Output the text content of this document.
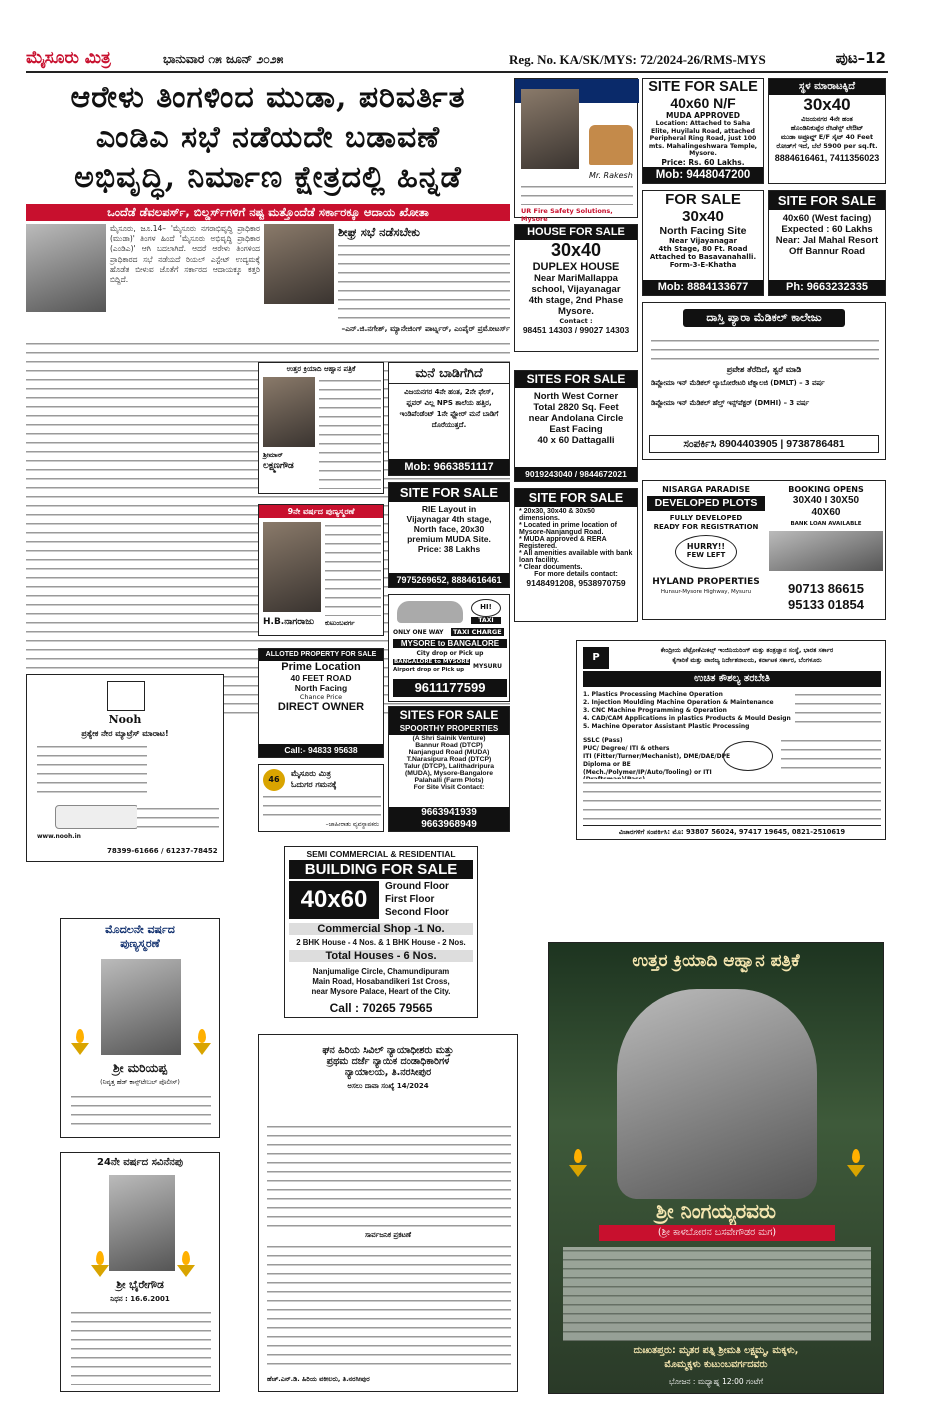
ಮೈಸೂರು ಮಿತ್ರ	ಭಾನುವಾರ ೧೫ ಜೂನ್ ೨೦೨೫	Reg. No. KA/SK/MYS: 72/2024-26/RMS-MYS	ಪುಟ–12
ಆರೇಳು ತಿಂಗಳಿಂದ ಮುಡಾ, ಪರಿವರ್ತಿತ
ಎಂಡಿಎ ಸಭೆ ನಡೆಯದೇ ಬಡಾವಣೆ
ಅಭಿವೃದ್ಧಿ, ನಿರ್ಮಾಣ ಕ್ಷೇತ್ರದಲ್ಲಿ ಹಿನ್ನಡೆ
ಒಂದೆಡೆ ಡೆವಲಪರ್ಸ್, ಬಿಲ್ಡರ್ಸ್‌ಗಳಿಗೆ ನಷ್ಟ ಮತ್ತೊಂದೆಡೆ ಸರ್ಕಾರಕ್ಕೂ ಆದಾಯ ಖೋತಾ
ಮೈಸೂರು, ಜೂ.14– 'ಮೈಸೂರು ನಗರಾಭಿವೃದ್ಧಿ ಪ್ರಾಧಿಕಾರ (ಮುಡಾ)' ತಿಂಗಳ ಹಿಂದೆ 'ಮೈಸೂರು ಅಭಿವೃದ್ಧಿ ಪ್ರಾಧಿಕಾರ (ಎಂಡಿಎ)' ಆಗಿ ಬದಲಾಗಿದೆ. ಆದರೆ ಆರೇಳು ತಿಂಗಳಿಂದ ಪ್ರಾಧಿಕಾರದ ಸಭೆ ನಡೆಯದೆ ರಿಯಲ್ ಎಸ್ಟೇಟ್ ಉದ್ಯಮಕ್ಕೆ ಹೊಡೆತ ಬೀಳುವ ಜೊತೆಗೆ ಸರ್ಕಾರದ ಆದಾಯಕ್ಕೂ ಕತ್ತರಿ ಬಿದ್ದಿದೆ.
ಶೀಘ್ರ ಸಭೆ ನಡೆಸಬೇಕು
–ಎನ್.ಜಿ.ನಗೇಶ್, ಮ್ಯಾನೇಜಿಂಗ್ ಪಾರ್ಟ್ನರ್, ಎಂಪೈರ್ ಪ್ರಮೋಟರ್ಸ್
Mr. Rakesh
UR Fire Safety Solutions, Mysore
SITE FOR SALE
40x60 N/F
MUDA APPROVED
Location: Attached to Saha Elite, Huyilalu Road, attached Peripheral Ring Road, just 100 mts. Mahalingeshwara Temple, Mysore.
Price: Rs. 60 Lakhs.
Mob: 9448047200
ಸ್ಥಳ ಮಾರಾಟಕ್ಕಿದೆ
30x40
ವಿಜಯನಗರ 4ನೇ ಹಂತ
ಹೊಂಡಿನಿಕುಪ್ಪೆರ ರೆಸಿಡೆನ್ಸ್ ಲೇಔಟ್
ಮುಡಾ ಅಪ್ರೂವ್ಡ್ E/F ಸೈಟ್ 40 Feet
ರೋಡ್‌ಗೆ ಇದೆ, ಬೆಲೆ 5900 per sq.ft.
8884616461, 7411356023
FOR SALE
30x40
North Facing Site
Near Vijayanagar
4th Stage, 80 Ft. Road
Attached to Basavanahalli.
Form-3-E-Khatha
Mob: 8884133677
SITE FOR SALE
40x60 (West facing)
Expected : 60 Lakhs
Near: Jal Mahal Resort
Off Bannur Road
Ph: 9663232335
HOUSE FOR SALE
30x40
DUPLEX HOUSE
Near MariMallappa
school, Vijayanagar
4th stage, 2nd Phase
Mysore.
Contact :
98451 14303 / 99027 14303
ದಾಸ್ತಿ ಪ್ಯಾರಾ ಮೆಡಿಕಲ್ ಕಾಲೇಜು
ಪ್ರವೇಶ ತೆರೆದಿದೆ, ತ್ವರೆ ಮಾಡಿ
ಡಿಪ್ಲೋಮಾ ಇನ್ ಮೆಡಿಕಲ್ ಲ್ಯಾಬೋರೇಟರಿ ಟೆಕ್ನಾಲಜಿ (DMLT) – 3 ವರ್ಷ
ಡಿಪ್ಲೋಮಾ ಇನ್ ಮೆಡಿಕಲ್ ಹೆಲ್ತ್ ಇನ್ಸ್‌ಪೆಕ್ಟರ್ (DMHI) – 3 ವರ್ಷ
ಸಂಪರ್ಕಿಸಿ 8904403905 | 9738786481
ಉತ್ತರ ಕ್ರಿಯಾದಿ ಆಹ್ವಾನ ಪತ್ರಿಕೆ
ಶ್ರೀಮಾನ್
ಲಕ್ಷ್ಮಣಗೌಡ
ಮನೆ ಬಾಡಿಗೆಗಿದೆ
ವಿಜಯನಗರ 4ನೇ ಹಂತ, 2ನೇ ಫೇಸ್,
ಫ್ಲವರ್ ವಿಲ್ಲ NPS ಶಾಲೆಯ ಹತ್ತಿರ,
ಇಂಡಿಪೆಂಡೆಂಟ್ 1ನೇ ಫ್ಲೋರ್ ಮನೆ ಬಾಡಿಗೆ ದೊರೆಯುತ್ತದೆ.
Mob: 9663851117
SITES FOR SALE
North West Corner
Total 2820 Sq. Feet
near Andolana Circle
East Facing
40 x 60 Dattagalli
9019243040 / 9844672021
NISARGA PARADISE
DEVELOPED PLOTS
FULLY DEVELOPED
READY FOR REGISTRATION
HURRY!!
FEW LEFT
HYLAND PROPERTIES
Hunsur-Mysore Highway, Mysuru
BOOKING OPENS
30X40 I 30X50
40X60
BANK LOAN AVAILABLE
90713 86615
95133 01854
SITE FOR SALE
RIE Layout in
Vijaynagar 4th stage,
North face, 20x30
premium MUDA Site.
Price: 38 Lakhs
7975269652, 8884616461
SITE FOR SALE
* 20x30, 30x40 & 30x50 dimensions.
* Located in prime location of Mysore-Nanjangud Road.
* MUDA approved & RERA Registered.
* All amenities available with bank loan facility.
* Clear documents.
For more details contact:
9148491208, 9538970759
9ನೇ ವರ್ಷದ ಪುಣ್ಯಸ್ಮರಣೆ
H.B.ನಾಗರಾಜು ಕುಟುಂಬವರ್ಗ
HI!
TAXI
ONLY ONE WAY	TAXI CHARGE
MYSORE to BANGALORE
City drop or Pick up
BANGALORE to MYSORE
MYSURU
Airport drop or Pick up
9611177599
P
ಕೇಂದ್ರೀಯ ಪೆಟ್ರೋಕೆಮಿಕಲ್ಸ್ ಇಂಜಿನಿಯರಿಂಗ್ ಮತ್ತು ತಂತ್ರಜ್ಞಾನ ಸಂಸ್ಥೆ, ಭಾರತ ಸರ್ಕಾರ
ಕೈಗಾರಿಕೆ ಮತ್ತು ವಾಣಿಜ್ಯ ನಿರ್ದೇಶನಾಲಯ, ಕರ್ನಾಟಕ ಸರ್ಕಾರ, ಬೆಂಗಳೂರು
ಉಚಿತ ಕೌಶಲ್ಯ ತರಬೇತಿ
1. Plastics Processing Machine Operation
2. Injection Moulding Machine Operation & Maintenance
3. CNC Machine Programming & Operation
4. CAD/CAM Applications in plastics Products & Mould Design
5. Machine Operator Assistant Plastic Processing
SSLC (Pass)
PUC/ Degree/ ITI & others
ITI (Fitter/Turner/Mechanist), DME/DAE/DPE
Diploma or BE (Mech./Polymer/IP/Auto/Tooling) or ITI
ವಿಚಾರಗಳಿಗೆ ಸಂಪರ್ಕಿಸಿ: ಮೊ: 93807 56024, 97417 19645, 0821-2510619
Nooh
ಪ್ರತ್ಯೇಕ ನೇರ ಮ್ಯಾಟ್ರೆಸ್ ಮಾರಾಟ!
www.nooh.in
78399-61666 / 61237-78452
ALLOTED PROPERTY FOR SALE
Prime Location
40 FEET ROAD
North Facing
Chance Price
DIRECT OWNER
Call:- 94833 95638
SITES FOR SALE
SPOORTHY PROPERTIES
(A Shri Sainik Venture)
Bannur Road (DTCP)
Nanjangud Road (MUDA)
T.Narasipura Road (DTCP)
Talur (DTCP), Lalithadripura
(MUDA), Mysore-Bangalore
Palahalli (Farm Plots)
For Site Visit Contact:
9663941939
9663968949
46
ಮೈಸೂರು ಮಿತ್ರ
ಓದುಗರ ಗಮನಕ್ಕೆ
–ಜಾಹೀರಾತು ವ್ಯವಸ್ಥಾಪಕರು
SEMI COMMERCIAL & RESIDENTIAL
BUILDING FOR SALE
40x60	Ground Floor
First Floor
Second Floor
Commercial Shop -1 No.
2 BHK House - 4 Nos. & 1 BHK House - 2 Nos.
Total Houses - 6 Nos.
Nanjumalige Circle, Chamundipuram
Main Road, Hosabandikeri 1st Cross,
near Mysore Palace, Heart of the City.
Call : 70265 79565
ಮೊದಲನೇ ವರ್ಷದ
ಪುಣ್ಯಸ್ಮರಣೆ
ಶ್ರೀ ಮರಿಯಪ್ಪ
(ನಿವೃತ್ತ ಹೆಡ್‌ ಕಾನ್ಸ್‌ಟೇಬಲ್ ಪೊಲೀಸ್)
ಘನ ಹಿರಿಯ ಸಿವಿಲ್ ನ್ಯಾಯಾಧೀಶರು ಮತ್ತು
ಪ್ರಥಮ ದರ್ಜೆ ನ್ಯಾಯಿಕ ದಂಡಾಧಿಕಾರಿಗಳ
ನ್ಯಾಯಾಲಯ, ತಿ.ನರಸೀಪುರ
ಅಸಲು ದಾವಾ ಸಂಖ್ಯೆ 14/2024
ಸಾರ್ವಜನಿಕ ಪ್ರಕಟಣೆ
ಹೆಚ್.ಎನ್.ಡಿ. ಹಿರಿಯ ವಕೀಲರು, ತಿ.ನರಸೀಪುರ
24ನೇ ವರ್ಷದ ಸವಿನೆನಪು
ಶ್ರೀ ಭೈರೇಗೌಡ
ನಿಧನ : 16.6.2001
ಉತ್ತರ ಕ್ರಿಯಾದಿ ಆಹ್ವಾನ ಪತ್ರಿಕೆ
ಶ್ರೀ ನಿಂಗಯ್ಯರವರು
(ಶ್ರೀ ಕಾಳಬೋರನ ಬಸವೇಗೌಡರ ಮಗ)
ದುಃಖತಪ್ತರು: ಮೃತರ ಪತ್ನಿ ಶ್ರೀಮತಿ ಲಕ್ಷ್ಮಮ್ಮ, ಮಕ್ಕಳು,
ಮೊಮ್ಮಕ್ಕಳು ಕುಟುಂಬವರ್ಗದವರು
ಭೋಜನ : ಮಧ್ಯಾಹ್ನ 12:00 ಗಂಟೆಗೆ
